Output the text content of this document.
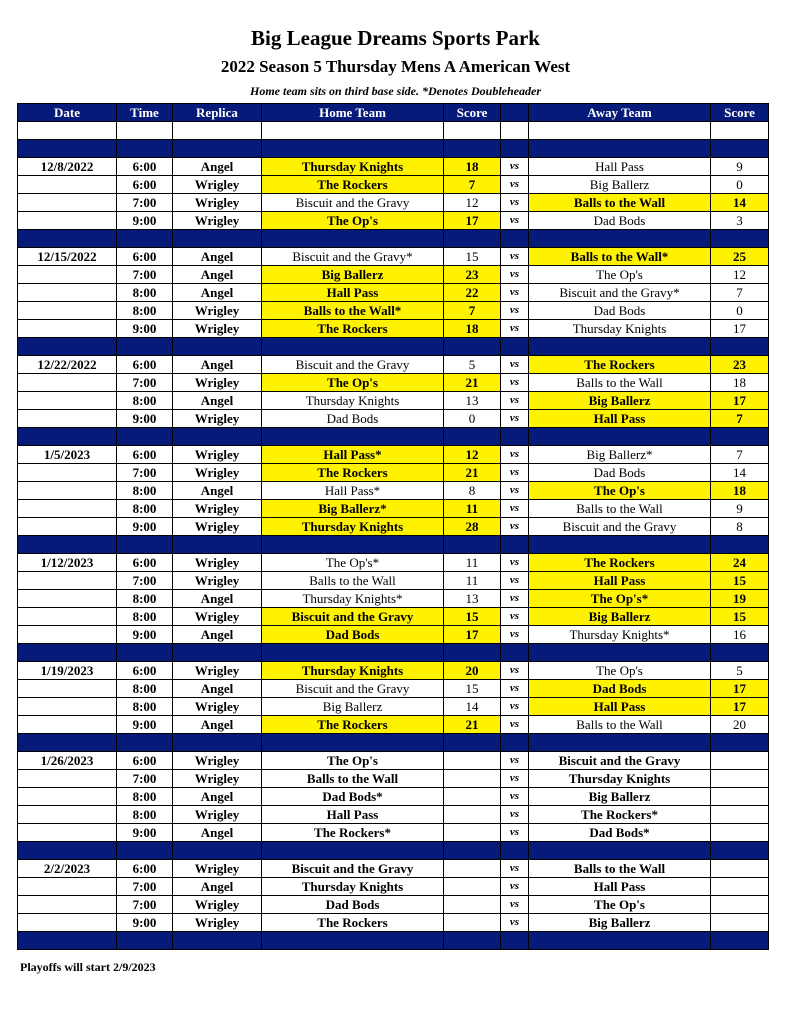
Big League Dreams Sports Park
2022 Season 5 Thursday Mens A American West
Home team sits on third base side. *Denotes Doubleheader
Date	Time	Replica	Home Team	Score		Away Team	Score

12/8/2022	6:00	Angel	Thursday Knights	18	vs	Hall Pass	9
	6:00	Wrigley	The Rockers	7	vs	Big Ballerz	0
	7:00	Wrigley	Biscuit and the Gravy	12	vs	Balls to the Wall	14
	9:00	Wrigley	The Op's	17	vs	Dad Bods	3

12/15/2022	6:00	Angel	Biscuit and the Gravy*	15	vs	Balls to the Wall*	25
	7:00	Angel	Big Ballerz	23	vs	The Op's	12
	8:00	Angel	Hall Pass	22	vs	Biscuit and the Gravy*	7
	8:00	Wrigley	Balls to the Wall*	7	vs	Dad Bods	0
	9:00	Wrigley	The Rockers	18	vs	Thursday Knights	17

12/22/2022	6:00	Angel	Biscuit and the Gravy	5	vs	The Rockers	23
	7:00	Wrigley	The Op's	21	vs	Balls to the Wall	18
	8:00	Angel	Thursday Knights	13	vs	Big Ballerz	17
	9:00	Wrigley	Dad Bods	0	vs	Hall Pass	7

1/5/2023	6:00	Wrigley	Hall Pass*	12	vs	Big Ballerz*	7
	7:00	Wrigley	The Rockers	21	vs	Dad Bods	14
	8:00	Angel	Hall Pass*	8	vs	The Op's	18
	8:00	Wrigley	Big Ballerz*	11	vs	Balls to the Wall	9
	9:00	Wrigley	Thursday Knights	28	vs	Biscuit and the Gravy	8

1/12/2023	6:00	Wrigley	The Op's*	11	vs	The Rockers	24
	7:00	Wrigley	Balls to the Wall	11	vs	Hall Pass	15
	8:00	Angel	Thursday Knights*	13	vs	The Op's*	19
	8:00	Wrigley	Biscuit and the Gravy	15	vs	Big Ballerz	15
	9:00	Angel	Dad Bods	17	vs	Thursday Knights*	16

1/19/2023	6:00	Wrigley	Thursday Knights	20	vs	The Op's	5
	8:00	Angel	Biscuit and the Gravy	15	vs	Dad Bods	17
	8:00	Wrigley	Big Ballerz	14	vs	Hall Pass	17
	9:00	Angel	The Rockers	21	vs	Balls to the Wall	20

1/26/2023	6:00	Wrigley	The Op's		vs	Biscuit and the Gravy	
	7:00	Wrigley	Balls to the Wall		vs	Thursday Knights	
	8:00	Angel	Dad Bods*		vs	Big Ballerz	
	8:00	Wrigley	Hall Pass		vs	The Rockers*	
	9:00	Angel	The Rockers*		vs	Dad Bods*	

2/2/2023	6:00	Wrigley	Biscuit and the Gravy		vs	Balls to the Wall	
	7:00	Angel	Thursday Knights		vs	Hall Pass	
	7:00	Wrigley	Dad Bods		vs	The Op's	
	9:00	Wrigley	The Rockers		vs	Big Ballerz	

Playoffs will start 2/9/2023
